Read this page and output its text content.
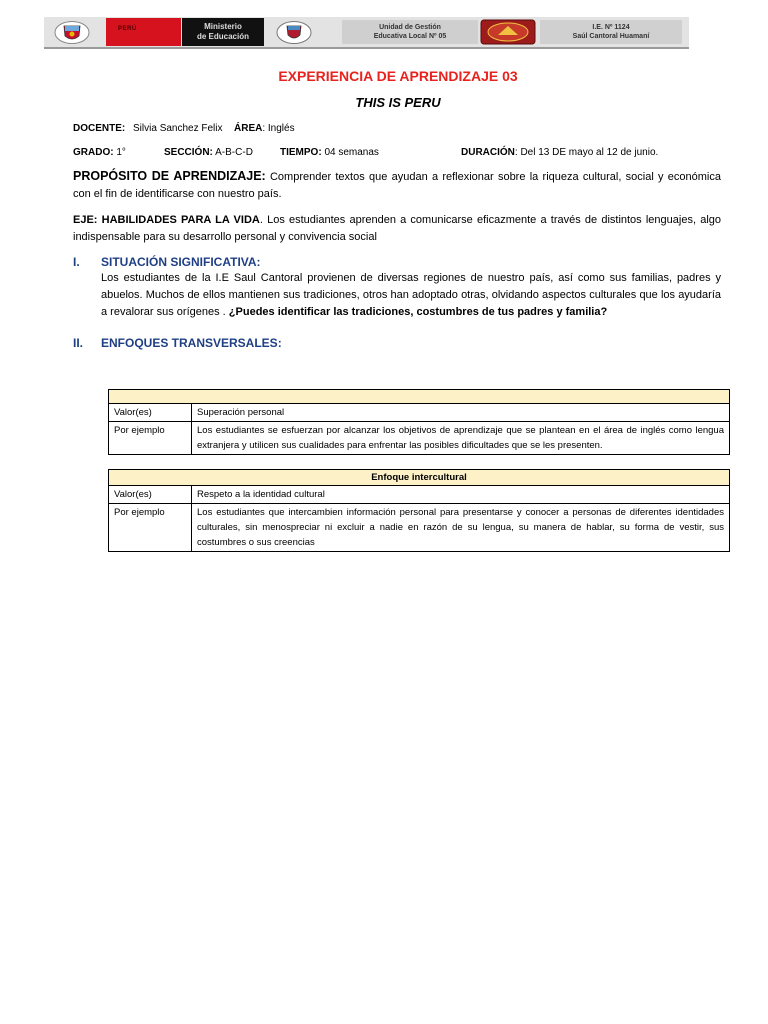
PERÚ	Ministerio
de Educación
Unidad de Gestión
Educativa Local Nº 05
I.E. Nº 1124
Saúl Cantoral Huamaní
EXPERIENCIA DE APRENDIZAJE 03
THIS IS PERU
DOCENTE: Silvia Sanchez Felix ÁREA: Inglés
GRADO: 1°	SECCIÓN: A-B-C-D	TIEMPO: 04 semanas	DURACIÓN: Del 13 DE mayo al 12 de junio.
PROPÓSITO DE APRENDIZAJE: Comprender textos que ayudan a reflexionar sobre la riqueza cultural, social y económica con el fin de identificarse con nuestro país.
EJE: HABILIDADES PARA LA VIDA. Los estudiantes aprenden a comunicarse eficazmente a través de distintos lenguajes, algo indispensable para su desarrollo personal y convivencia social
I. SITUACIÓN SIGNIFICATIVA:
Los estudiantes de la I.E Saul Cantoral provienen de diversas regiones de nuestro país, así como sus familias, padres y abuelos. Muchos de ellos mantienen sus tradiciones, otros han adoptado otras, olvidando aspectos culturales que los ayudaría a revalorar sus orígenes . ¿Puedes identificar las tradiciones, costumbres de tus padres y familia?
II. ENFOQUES TRANSVERSALES:

Valor(es)	Superación personal
Por ejemplo	Los estudiantes se esfuerzan por alcanzar los objetivos de aprendizaje que se plantean en el área de inglés como lengua extranjera y utilicen sus cualidades para enfrentar las posibles dificultades que se les presenten.
Enfoque intercultural	
Valor(es)	Respeto a la identidad cultural
Por ejemplo	Los estudiantes que intercambien información personal para presentarse y conocer a personas de diferentes identidades culturales, sin menospreciar ni excluir a nadie en razón de su lengua, su manera de hablar, su forma de vestir, sus costumbres o sus creencias
